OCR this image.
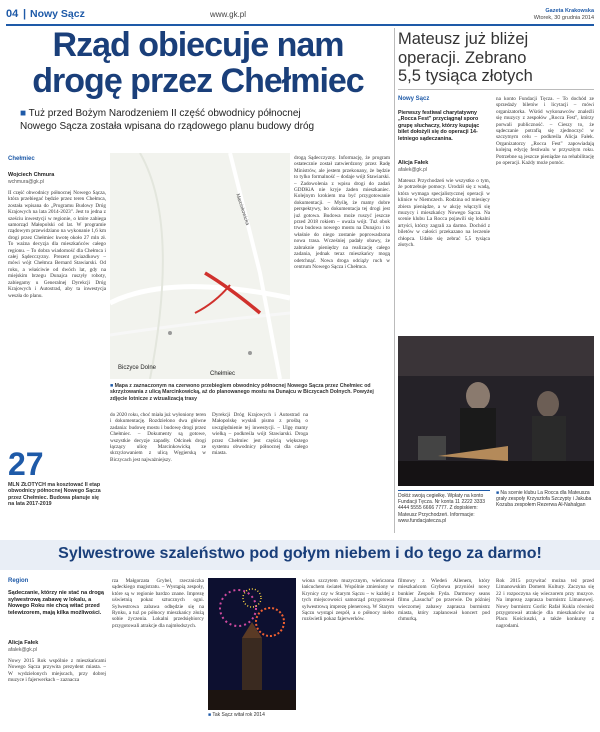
04 | Nowy Sącz	www.gk.pl	Gazeta Krakowska
Wtorek, 30 grudnia 2014
Rząd obiecuje nam
drogę przez Chełmiec
■ Tuż przed Bożym Narodzeniem II część obwodnicy północnej
Nowego Sącza została wpisana do rządowego planu budowy dróg
Chełmiec
Wojciech Chmura
wchmura@gk.pl
II część obwodnicy północnej Nowego Sącza, która przebiegać będzie przez teren Chełmca, została wpisana do „Programu Budowy Dróg Krajowych na lata 2014-2023". Jest to jedna z sześciu inwestycji w regionie, o które zabiega samorząd Małopolski od lat. W programie rządowym przewidziano na wykonanie 1,6 km drogi przez Chełmiec kwotę około 27 mln zł. To ważna decyzja dla mieszkańców całego regionu. – To dobra wiadomość dla Chełmca i całej Sądecczyzny. Prezent gwiazdkowy – mówi wójt Chełmca Bernard Stawiarski. Od roku, a właściwie od dwóch lat, gdy na miejskim brzegu Dunajca ruszyły roboty, zabiegamy u Generalnej Dyrekcji Dróg Krajowych i Autostrad, aby ta inwestycja weszła do planu.
Biczyce Dolne
Chełmiec
Marcinkowicka
drogą Sądecczyzny. Informację, że program ostatecznie został zatwierdzony przez Radę Ministrów, ale jestem przekonany, że będzie to tylko formalność – dodaje wójt Stawiarski. – Zadowolenia z wpisu drogi do zadań GDDKiA nie kryje żaden mieszkaniec. Kolejnym krokiem ma być przygotowanie dokumentacji. – Myślę, że mamy dobre perspektywy, bo dokumentacja tej drogi jest już gotowa. Budowa może ruszyć jeszcze przed 2018 rokiem – uważa wójt. Tuż obok trwa budowa nowego mostu na Dunajcu i to właśnie do niego zostanie poprowadzona nowa trasa. Wcześniej padały obawy, że zabraknie pieniędzy na realizację całego zadania, jednak teraz mieszkańcy mogą odetchnąć. Nowa droga odciąży ruch w centrum Nowego Sącza i Chełmca.
■ Mapa z zaznaczonym na czerwono przebiegiem obwodnicy północnej Nowego Sącza przez Chełmiec od skrzyżowania z ulicą Marcinkowicką, aż do planowanego mostu na Dunajcu w Biczycach Dolnych. Powyżej zdjęcie lotnicze z wizualizacją trasy
do 2020 roku, choć miała już wyłoniony teren i dokumentację. Rozdzielono dwa główne zadania: budowę mostu i budowę drogi przez Chełmiec. – Dokumenty są gotowe, wszystkie decyzje zapadły. Odcinek drogi łączący ulicę Marcinkowicką ze skrzyżowaniem z ulicą Węgierską w Biczycach jest najważniejszy.
Dyrekcji Dróg Krajowych i Autostrad na Małopolskę wysłali pismo z prośbą o uwzględnienie tej inwestycji. – Ulgę mamy wielką – podkreśla wójt Stawiarski. Droga przez Chełmiec jest częścią większego systemu obwodnicy północnej dla całego miasta.
27
MLN ZŁOTYCH ma kosztować II etap obwodnicy północnej Nowego Sącza przez Chełmiec. Budowa planuje się na lata 2017-2019
Mateusz już bliżej
operacji. Zebrano
5,5 tysiąca złotych
Nowy Sącz
Pierwszy festiwal charytatywny „Rocca Fest" przyciągnął sporo grupę słuchaczy, którzy kupując bilet dołożyli się do operacji 14-letniego sądeczanina.
Alicja Fałek
afalek@gk.pl
Mateusz Przychodzeń wie wszystko o tym, że potrzebuje pomocy. Urodził się z wadą, która wymaga specjalistycznej operacji w klinice w Niemczech. Rodzina od miesięcy zbiera pieniądze, a w akcję włączyli się muzycy i mieszkańcy Nowego Sącza. Na scenie klubu La Rocca pojawili się lokalni artyści, którzy zagrali za darmo. Dochód z biletów w całości przekazano na leczenie chłopca. Udało się zebrać 5,5 tysiąca złotych.
na konto Fundacji Tęcza. – To dochód ze sprzedaży biletów i licytacji – mówi organizatorka. Wśród wykonawców znaleźli się muzycy z zespołów „Rocca Fest", którzy porwali publiczność. – Cieszy to, że sądeczanie potrafią się zjednoczyć w szczytnym celu – podkreśla Alicja Fałek. Organizatorzy „Rocca Fest" zapowiadają kolejną edycję festiwalu w przyszłym roku. Potrzebne są jeszcze pieniądze na rehabilitację po operacji. Każdy może pomóc.
Dołóż swoją cegiełkę. Wpłaty na konto Fundacji Tęcza. Nr konta 11 2222 3333 4444 5555 6666 7777. Z dopiskiem: Mateusz Przychodzeń. Informacje: www.fundacjatecza.pl
■ Na scenie klubu La Rocca dla Mateusza grały zespoły Krzysztofa Szczypty i Jakuba Kozuba zespołem Rezerwa Al-Nahalgan
Sylwestrowe szaleństwo pod gołym niebem i do tego za darmo!
Region
Sądeczanie, którzy nie stać na drogą sylwestrową zabawę w lokalu, a Nowego Roku nie chcą witać przed telewizorem, mają kilka możliwości.
Alicja Fałek
afalek@gk.pl
Nowy 2015 Rok wspólnie z mieszkańcami Nowego Sącza przywita prezydent miasta. – W wydzielonych miejscach, przy dobrej muzyce i fajerwerkach – zaznacza
rza Małgorzata Grybel, rzeczniczka sądeckiego magistratu. – Wystąpią zespoły, które są w regionie bardzo znane. Imprezę uświetnią pokaz sztucznych ogni. Sylwestrowa zabawa odbędzie się na Rynku, a tuż po północy mieszkańcy złożą sobie życzenia. Lokalni przedsiębiorcy przygotowali atrakcje dla najmłodszych.
■ Tak Sącz witał rok 2014
wiona szczytem muzycznym, wieńczona łańcuchem świateł. Wspólnie zmieniony w Krynicy czy w Starym Sączu – w każdej z tych miejscowości samorząd przygotował sylwestrową imprezę plenerową. W Starym Sączu wystąpi zespół, a o północy niebo rozświetli pokaz fajerwerków.
filmowy z Wiedeń Allenem, który mieszkańcom Grybowa przyniósł nowy bunkier Zespołu Fyda. Darmowy seans filmu „Łasucha" po przerwie. Do później wieczornej zabawy zaprasza burmistrz miasta, który zaplanował koncert pod chmurką.
Rok 2015 przywitać można też przed Limanowskim Domem Kultury. Zaczyna się 22 i rozpoczyna się wieczorem przy muzyce. Na imprezę zaprasza burmistrz Limanowej. Nowy burmistrz Gorlic Rafał Kukla również przygotował atrakcje dla mieszkańców na Placu Kościuszki, a także konkursy z nagrodami.
